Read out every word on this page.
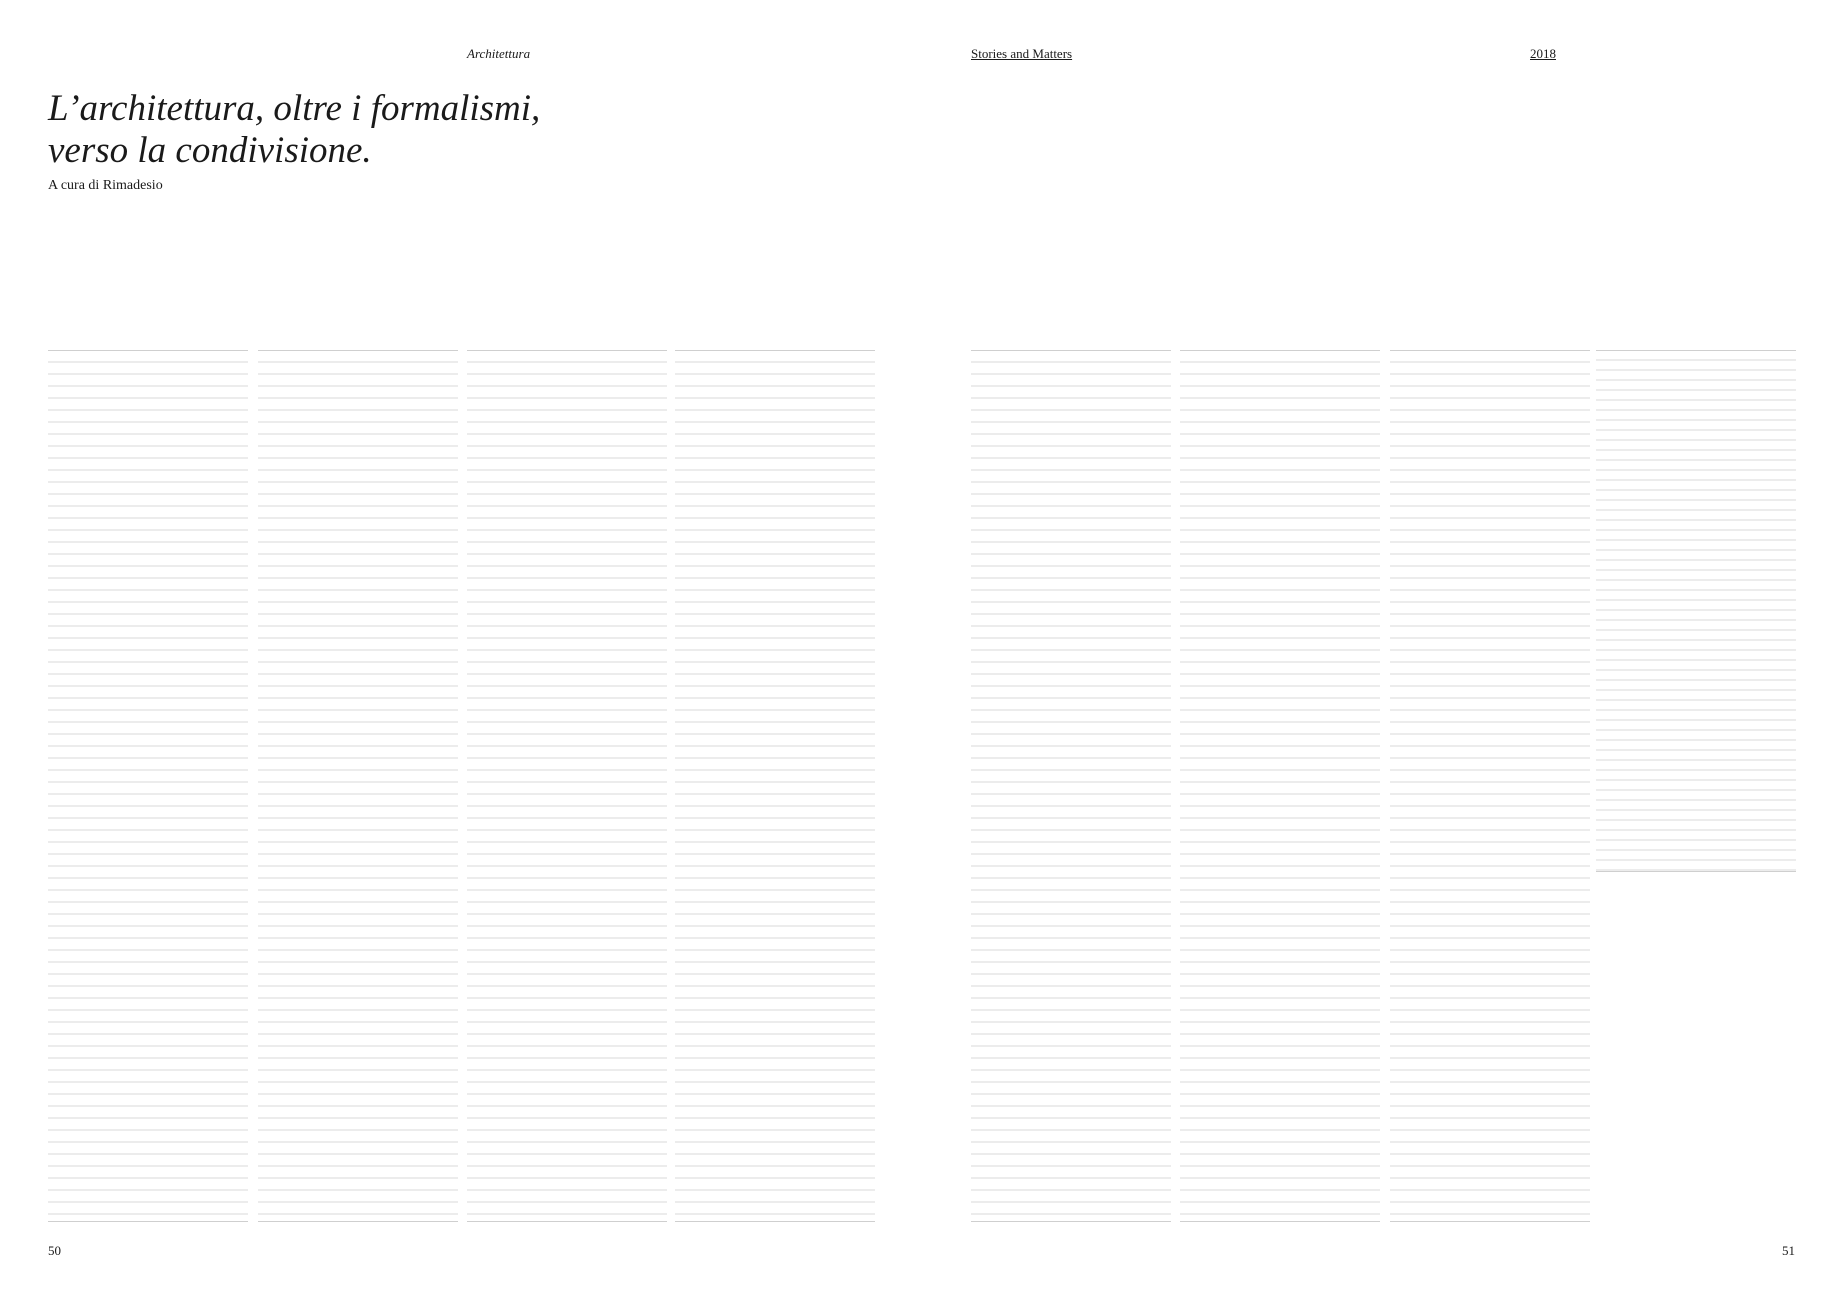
Architettura	Stories and Matters	2018
L’architettura, oltre i formalismi,
verso la condivisione.
A cura di Rimadesio
50	51
